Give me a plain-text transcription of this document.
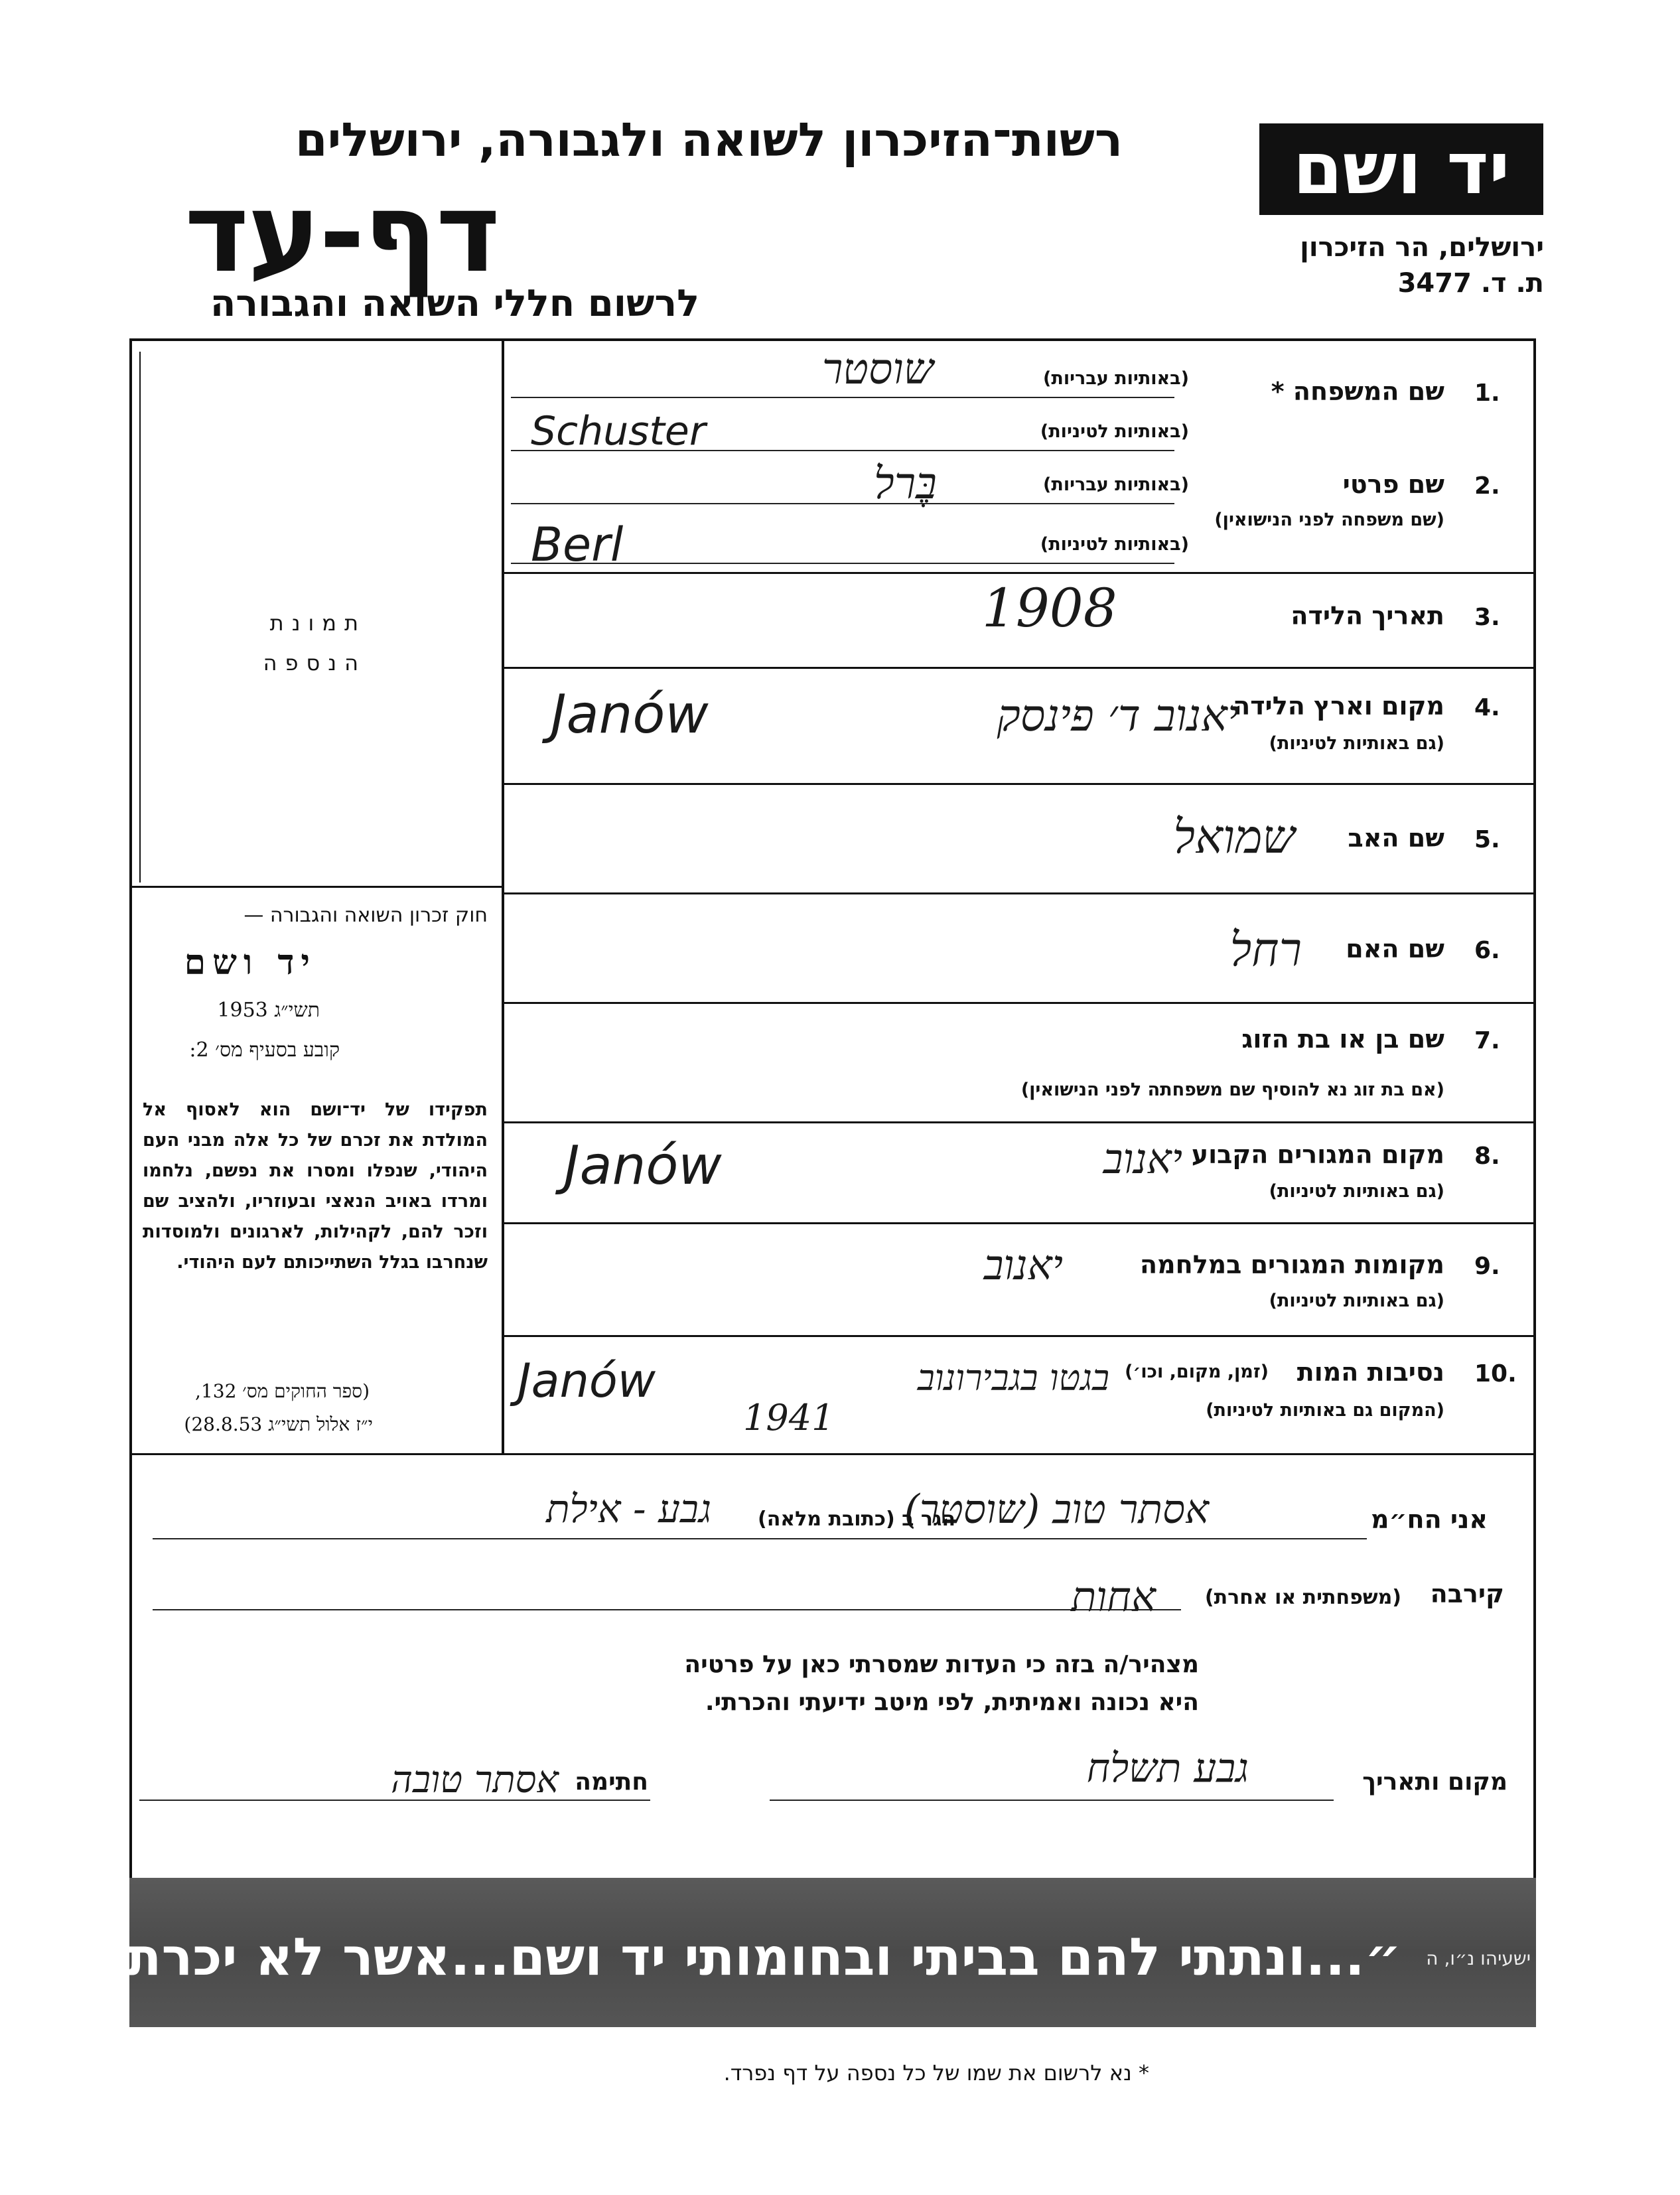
יד ושם
רשות־הזיכרון לשואה ולגבורה, ירושלים
דף-עד
לרשום חללי השואה והגבורה
ירושלים, הר הזיכרון
ת. ד. 3477
תמונת
הנספה
חוק זכרון השואה והגבורה —
יד ושם
תשי״ג 1953
קובע בסעיף מס׳ 2:
תפקידו של יד־ושם הוא לאסוף אל המולדת את זכרם של כל אלה מבני העם היהודי, שנפלו ומסרו את נפשם, נלחמו ומרדו באויב הנאצי ובעוזריו, ולהציב שם וזכר להם, לקהילות, לארגונים ולמוסדות שנחרבו בגלל השתייכותם לעם היהודי.
(ספר החוקים מס׳ 132,
י״ז אלול תשי״ג 28.8.53)
1.
שם המשפחה *
(באותיות עבריות)
שוסטר
(באותיות לטיניות)
Schuster
2.
שם פרטי
(שם משפחה לפני הנישואין)
(באותיות עבריות)
בֶּרל
(באותיות לטיניות)
Berl
3.
תאריך הלידה
1908
4.
מקום וארץ הלידה
(גם באותיות לטיניות)
יאנוב ד׳ פינסק
Janów
5.
שם האב
שמואל
6.
שם האם
רחל
7.
שם בן או בת הזוג
(אם בת זוג נא להוסיף שם משפחתה לפני הנישואין)
8.
מקום המגורים הקבוע
(גם באותיות לטיניות)
יאנוב
Janów
9.
מקומות המגורים במלחמה
(גם באותיות לטיניות)
יאנוב
10.
נסיבות המות
(זמן, מקום, וכו׳)
(המקום גם באותיות לטיניות)
בגטו בגבירונוב
1941
Janów
אני הח״מ
אסתר טוב (שוסטר)
הגר ב (כתובת מלאה)
גבע - אילת
קירבה
(משפחתית או אחרת)
אחות
מצהיר/ה בזה כי העדות שמסרתי כאן על פרטיה
היא נכונה ואמיתית, לפי מיטב ידיעתי והכרתי.
מקום ותאריך
גבע תשלח
חתימה
אסתר טובה
״...ונתתי להם בביתי ובחומותי יד ושם...אשר לא יכרת״ ישעיהו נ״ו, ה
* נא לרשום את שמו של כל נספה על דף נפרד.
